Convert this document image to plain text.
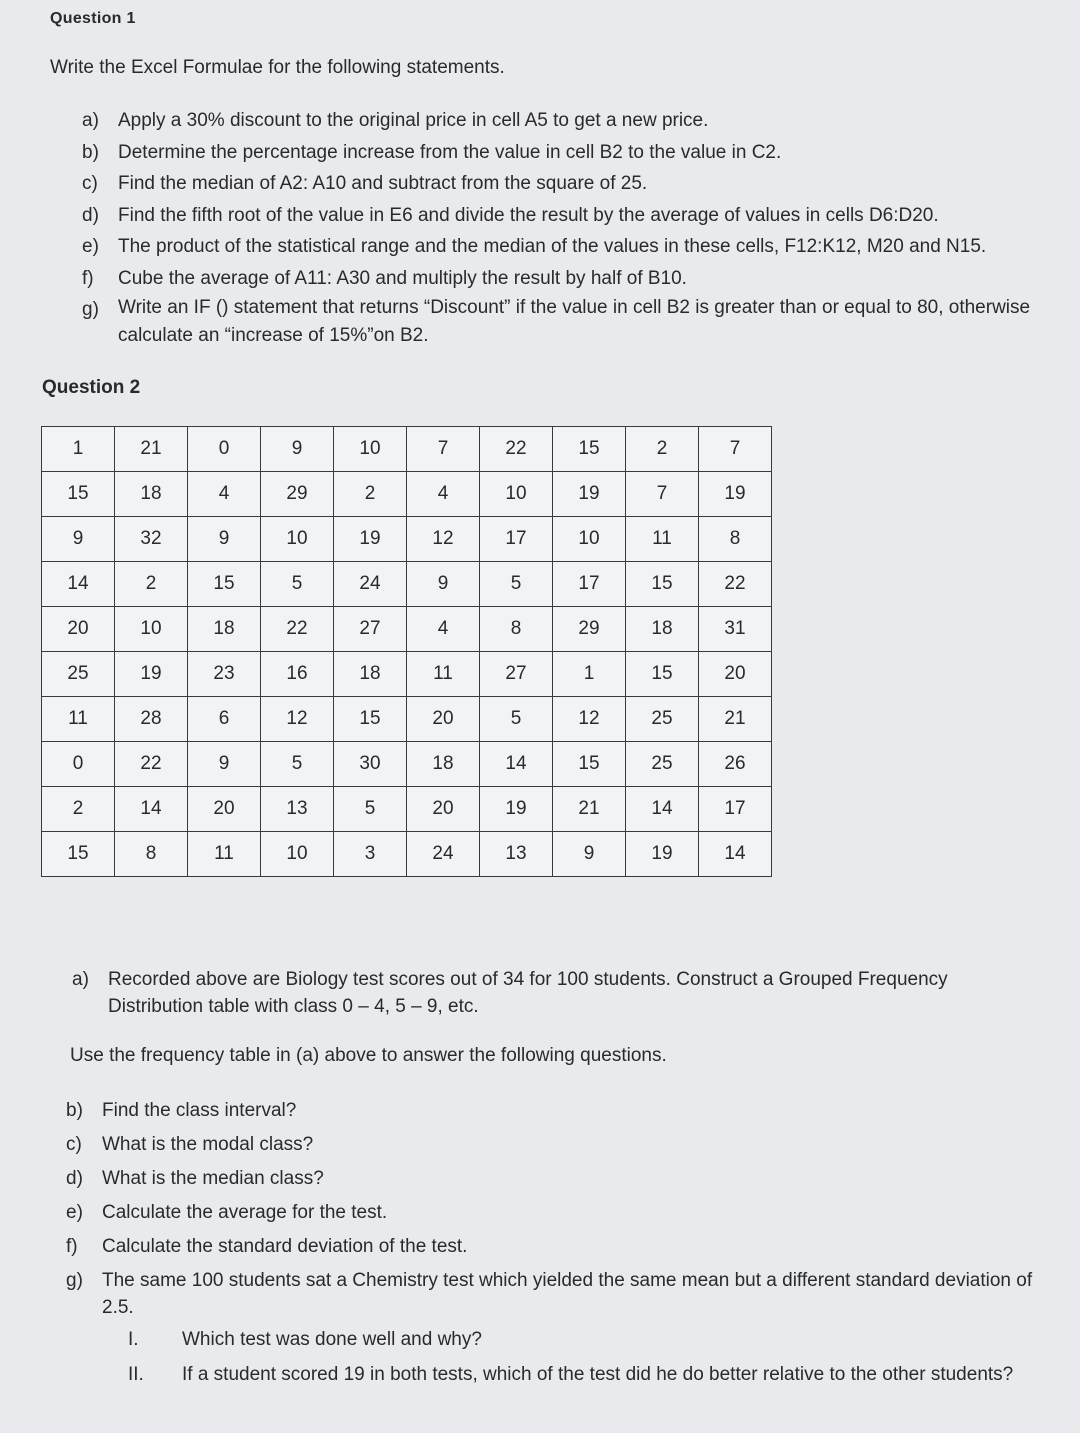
Question 1
Write the Excel Formulae for the following statements.
a)	Apply a 30% discount to the original price in cell A5 to get a new price.
b)	Determine the percentage increase from the value in cell B2 to the value in C2.
c)	Find the median of A2: A10 and subtract from the square of 25.
d)	Find the fifth root of the value in E6 and divide the result by the average of values in cells D6:D20.
e)	The product of the statistical range and the median of the values in these cells, F12:K12, M20 and N15.
f)	Cube the average of A11: A30 and multiply the result by half of B10.
g)	Write an IF () statement that returns “Discount” if the value in cell B2 is greater than or equal to 80, otherwise calculate an “increase of 15%”on B2.
Question 2
1	21	0	9	10	7	22	15	2	7
15	18	4	29	2	4	10	19	7	19
9	32	9	10	19	12	17	10	11	8
14	2	15	5	24	9	5	17	15	22
20	10	18	22	27	4	8	29	18	31
25	19	23	16	18	11	27	1	15	20
11	28	6	12	15	20	5	12	25	21
0	22	9	5	30	18	14	15	25	26
2	14	20	13	5	20	19	21	14	17
15	8	11	10	3	24	13	9	19	14
a)	Recorded above are Biology test scores out of 34 for 100 students. Construct a Grouped Frequency Distribution table with class 0 – 4, 5 – 9, etc.
Use the frequency table in (a) above to answer the following questions.
b)	Find the class interval?
c)	What is the modal class?
d)	What is the median class?
e)	Calculate the average for the test.
f)	Calculate the standard deviation of the test.
g)	The same 100 students sat a Chemistry test which yielded the same mean but a different standard deviation of 2.5.
I.	Which test was done well and why?
II.	If a student scored 19 in both tests, which of the test did he do better relative to the other students?
